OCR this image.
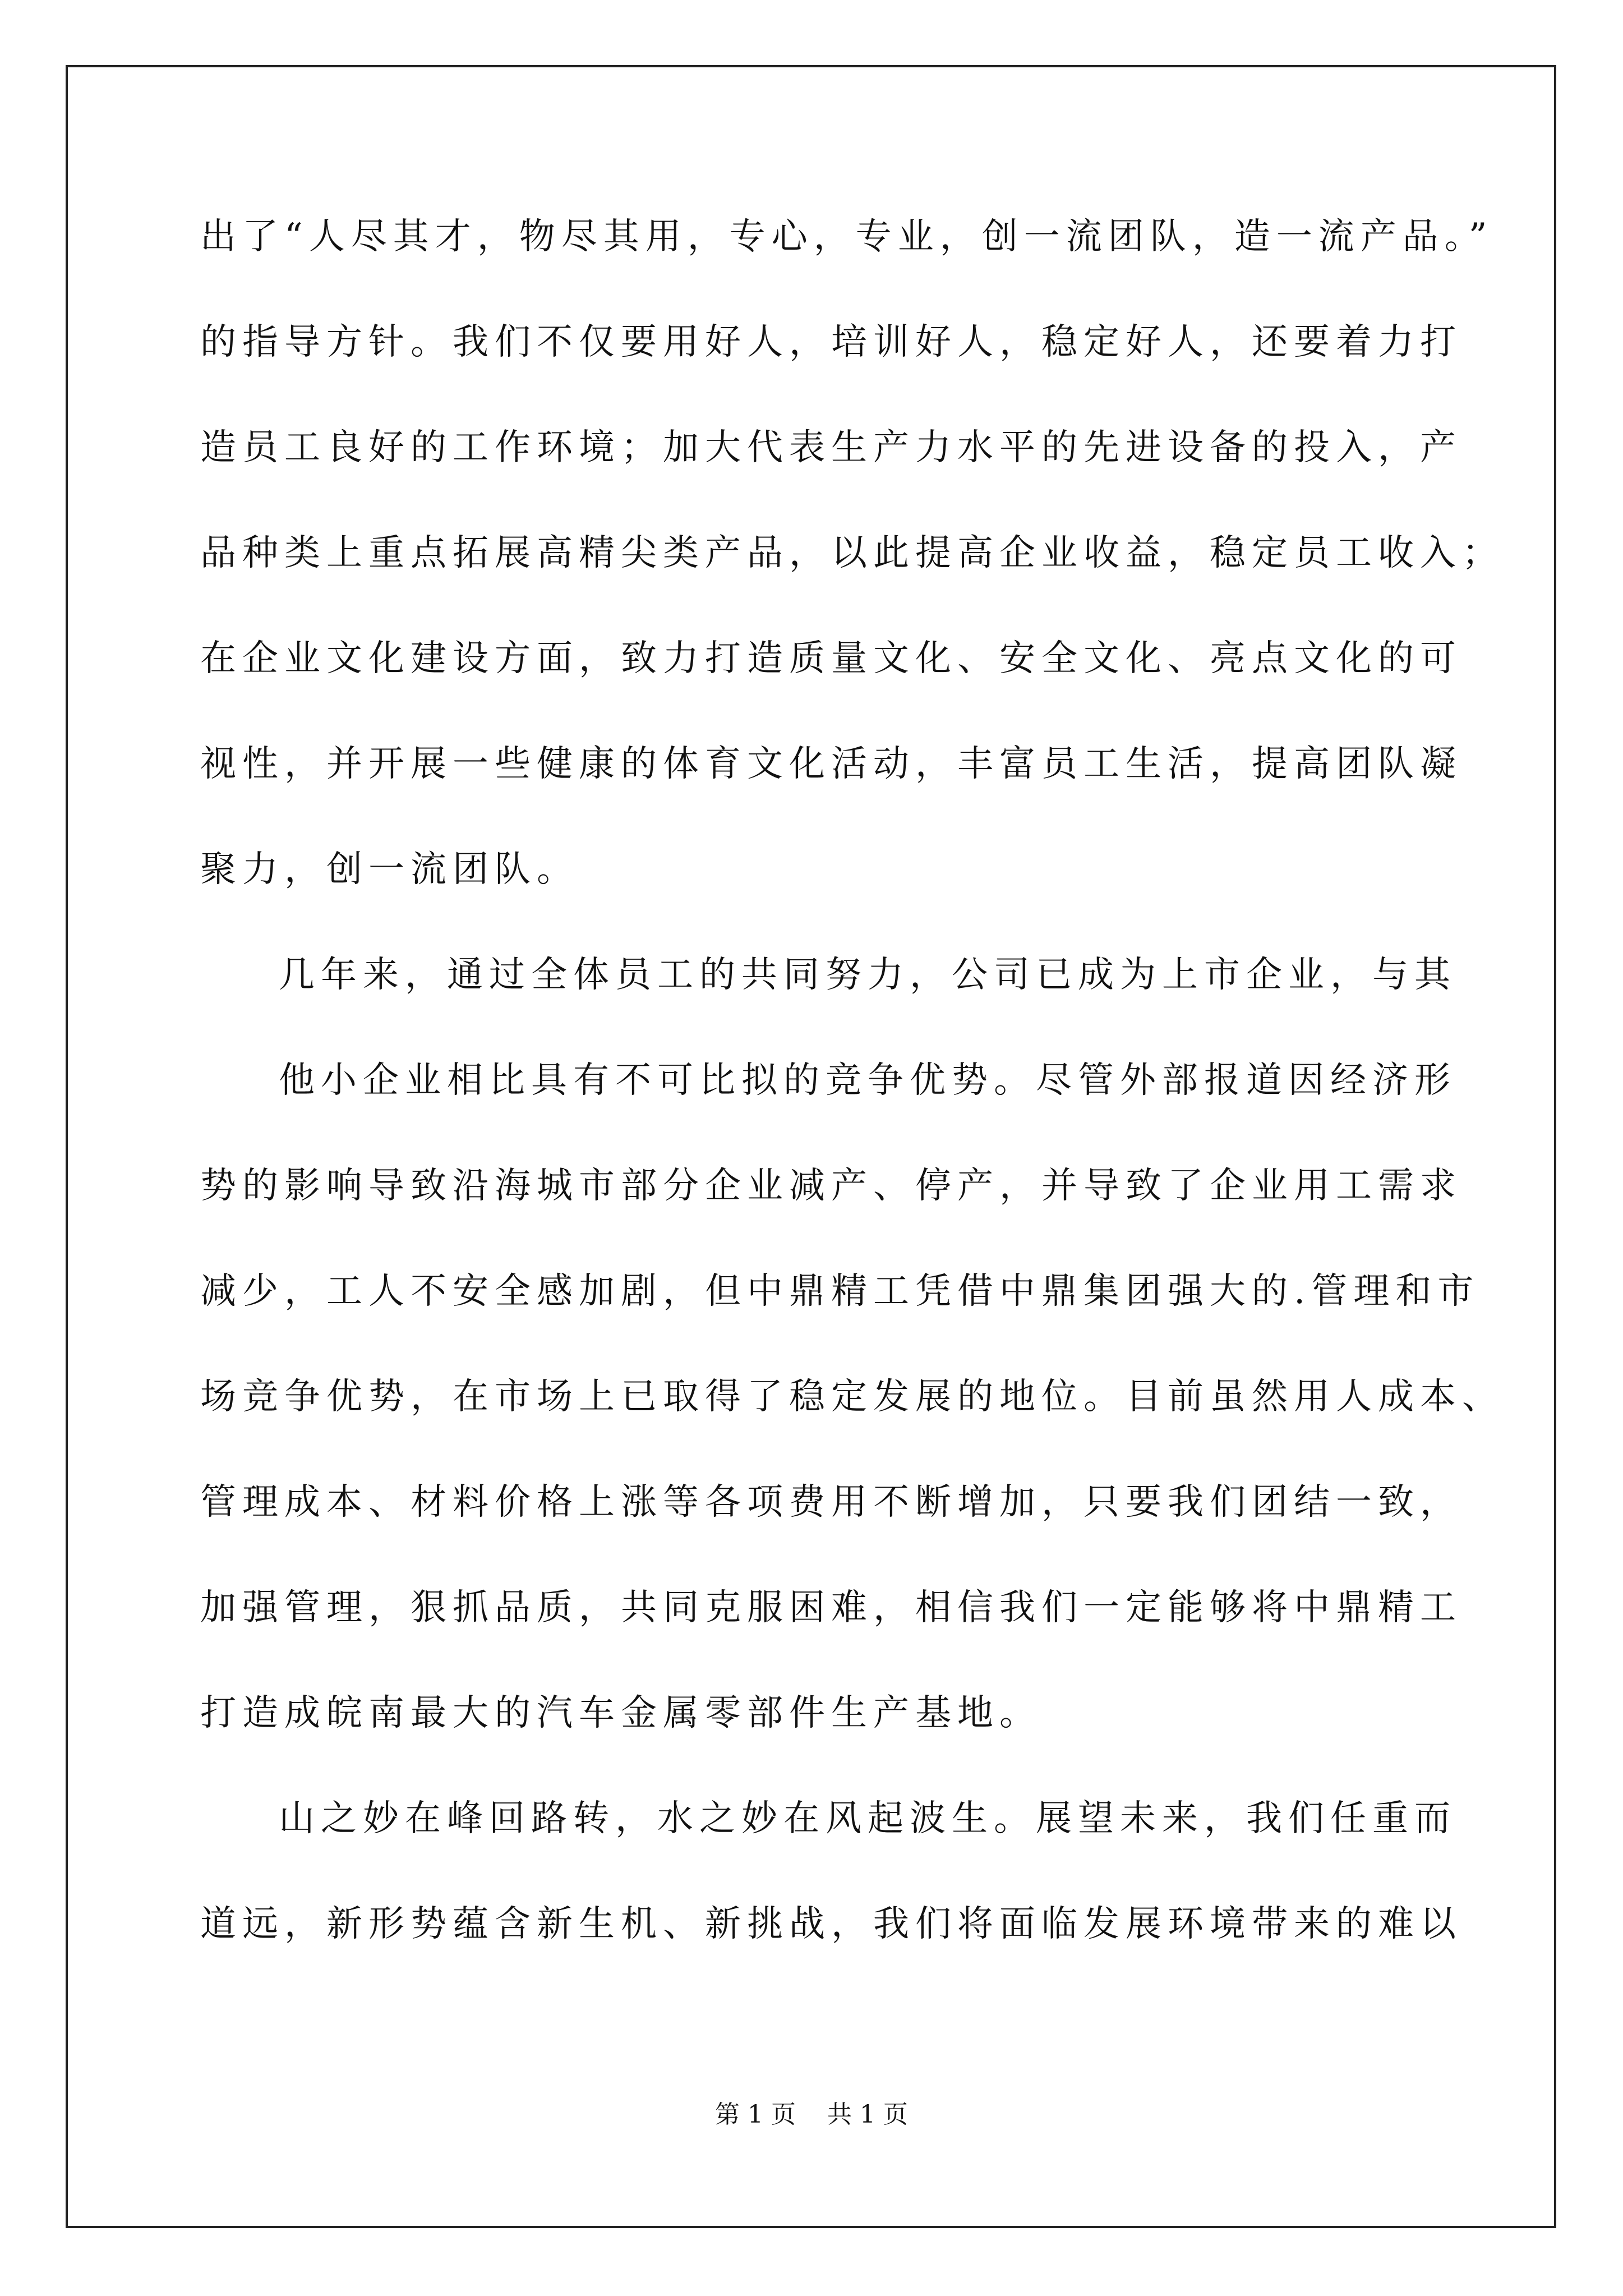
出了“人尽其才，物尽其用，专心，专业，创一流团队，造一流产品。”
的指导方针。我们不仅要用好人，培训好人，稳定好人，还要着力打
造员工良好的工作环境；加大代表生产力水平的先进设备的投入，产
品种类上重点拓展高精尖类产品，以此提高企业收益，稳定员工收入；
在企业文化建设方面，致力打造质量文化、安全文化、亮点文化的可
视性，并开展一些健康的体育文化活动，丰富员工生活，提高团队凝
聚力，创一流团队。
几年来，通过全体员工的共同努力，公司已成为上市企业，与其
他小企业相比具有不可比拟的竞争优势。尽管外部报道因经济形
势的影响导致沿海城市部分企业减产、停产，并导致了企业用工需求
减少，工人不安全感加剧，但中鼎精工凭借中鼎集团强大的.管理和市
场竞争优势，在市场上已取得了稳定发展的地位。目前虽然用人成本、
管理成本、材料价格上涨等各项费用不断增加，只要我们团结一致，
加强管理，狠抓品质，共同克服困难，相信我们一定能够将中鼎精工
打造成皖南最大的汽车金属零部件生产基地。
山之妙在峰回路转，水之妙在风起波生。展望未来，我们任重而
道远，新形势蕴含新生机、新挑战，我们将面临发展环境带来的难以
第 1 页    共 1 页
